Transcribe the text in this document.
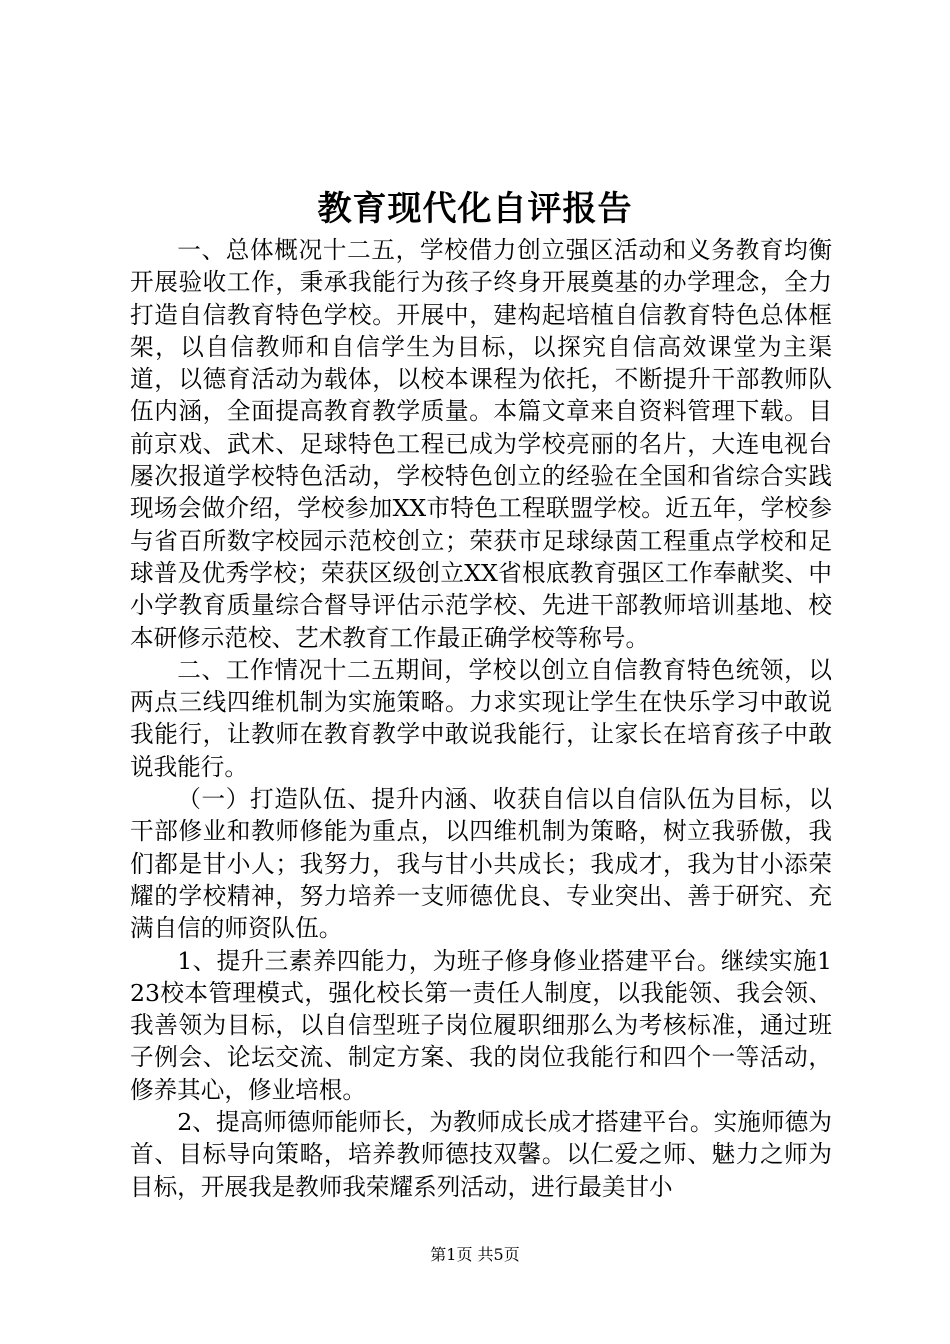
教育现代化自评报告

一、总体概况十二五，学校借力创立强区活动和义务教育均衡开展验收工作，秉承我能行为孩子终身开展奠基的办学理念，全力打造自信教育特色学校。开展中，建构起培植自信教育特色总体框架，以自信教师和自信学生为目标，以探究自信高效课堂为主渠道，以德育活动为载体，以校本课程为依托，不断提升干部教师队伍内涵，全面提高教育教学质量。本篇文章来自资料管理下载。目前京戏、武术、足球特色工程已成为学校亮丽的名片，大连电视台屡次报道学校特色活动，学校特色创立的经验在全国和省综合实践现场会做介绍，学校参加XX市特色工程联盟学校。近五年，学校参与省百所数字校园示范校创立；荣获市足球绿茵工程重点学校和足球普及优秀学校；荣获区级创立XX省根底教育强区工作奉献奖、中小学教育质量综合督导评估示范学校、先进干部教师培训基地、校本研修示范校、艺术教育工作最正确学校等称号。

二、工作情况十二五期间，学校以创立自信教育特色统领，以两点三线四维机制为实施策略。力求实现让学生在快乐学习中敢说我能行，让教师在教育教学中敢说我能行，让家长在培育孩子中敢说我能行。

（一）打造队伍、提升内涵、收获自信以自信队伍为目标，以干部修业和教师修能为重点，以四维机制为策略，树立我骄傲，我们都是甘小人；我努力，我与甘小共成长；我成才，我为甘小添荣耀的学校精神，努力培养一支师德优良、专业突出、善于研究、充满自信的师资队伍。

1、提升三素养四能力，为班子修身修业搭建平台。继续实施123校本管理模式，强化校长第一责任人制度，以我能领、我会领、我善领为目标，以自信型班子岗位履职细那么为考核标准，通过班子例会、论坛交流、制定方案、我的岗位我能行和四个一等活动，修养其心，修业培根。

2、提高师德师能师长，为教师成长成才搭建平台。实施师德为首、目标导向策略，培养教师德技双馨。以仁爱之师、魅力之师为目标，开展我是教师我荣耀系列活动，进行最美甘小

第1页 共5页
